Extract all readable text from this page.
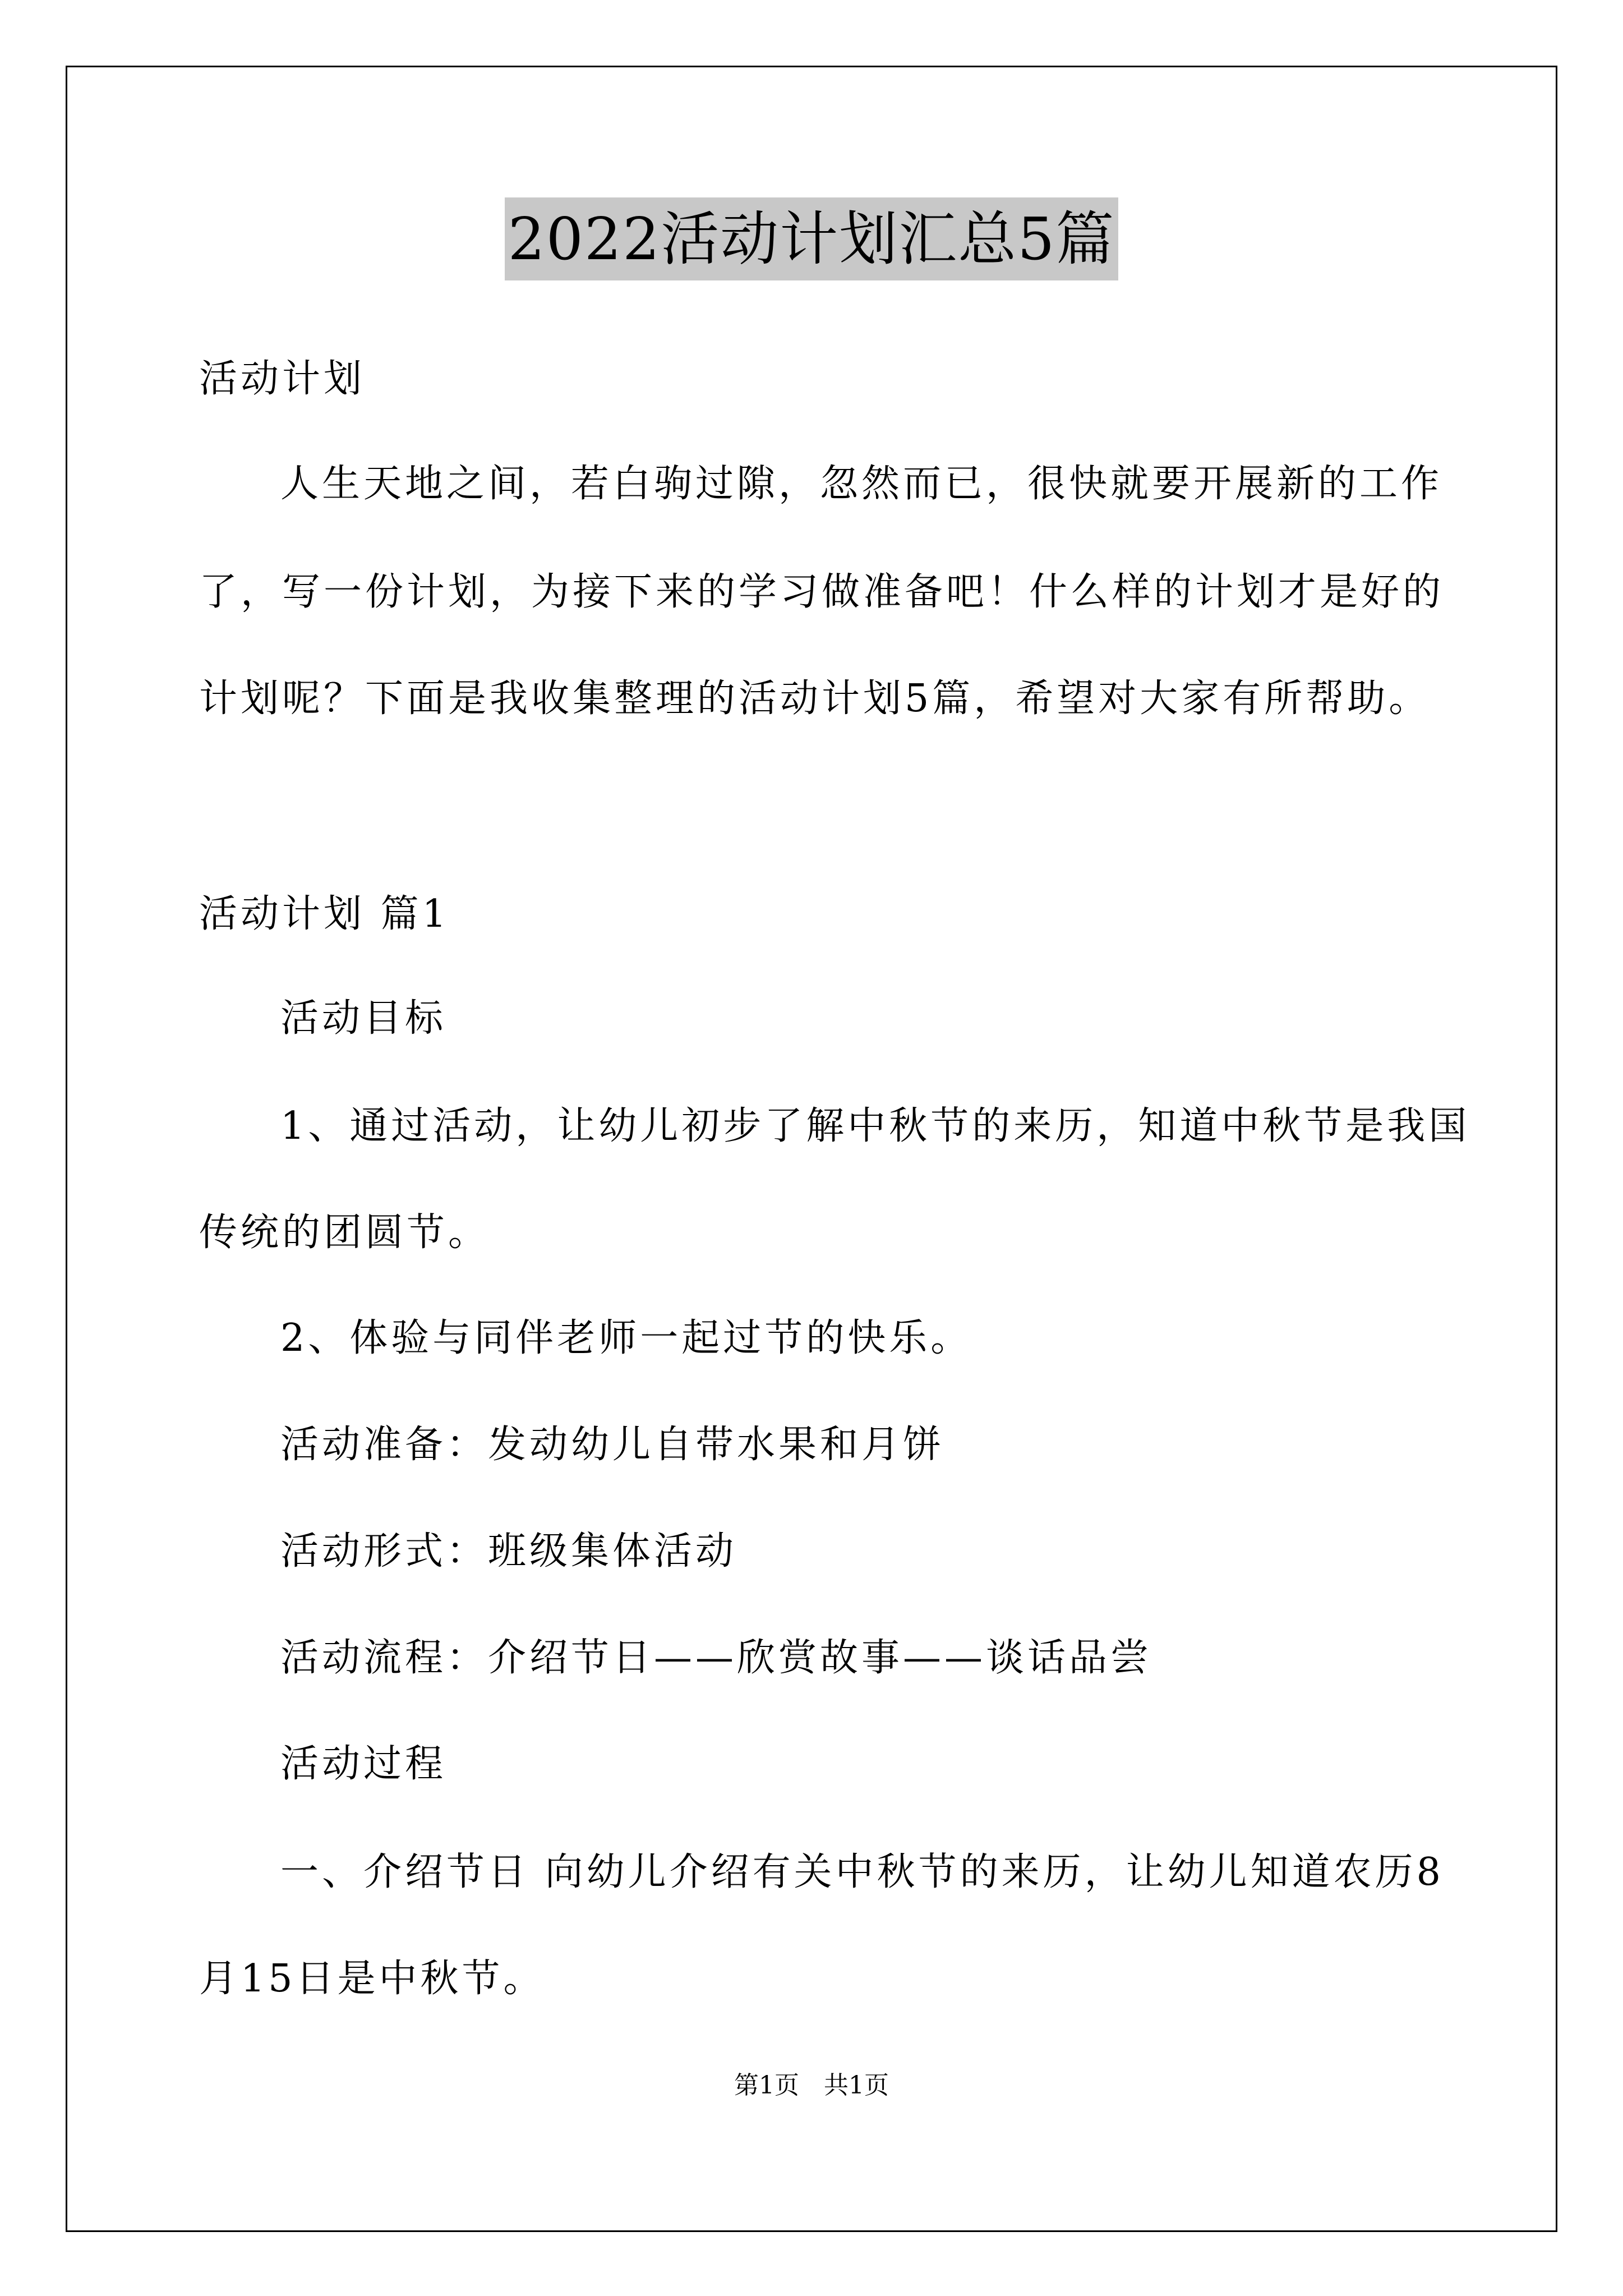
2022活动计划汇总5篇
活动计划
人生天地之间，若白驹过隙，忽然而已，很快就要开展新的工作
了，写一份计划，为接下来的学习做准备吧！什么样的计划才是好的
计划呢？下面是我收集整理的活动计划5篇，希望对大家有所帮助。
活动计划 篇1
活动目标
1、通过活动，让幼儿初步了解中秋节的来历，知道中秋节是我国
传统的团圆节。
2、体验与同伴老师一起过节的快乐。
活动准备：发动幼儿自带水果和月饼
活动形式：班级集体活动
活动流程：介绍节日——欣赏故事——谈话品尝
活动过程
一、介绍节日 向幼儿介绍有关中秋节的来历，让幼儿知道农历8
月15日是中秋节。
第1页　共1页
